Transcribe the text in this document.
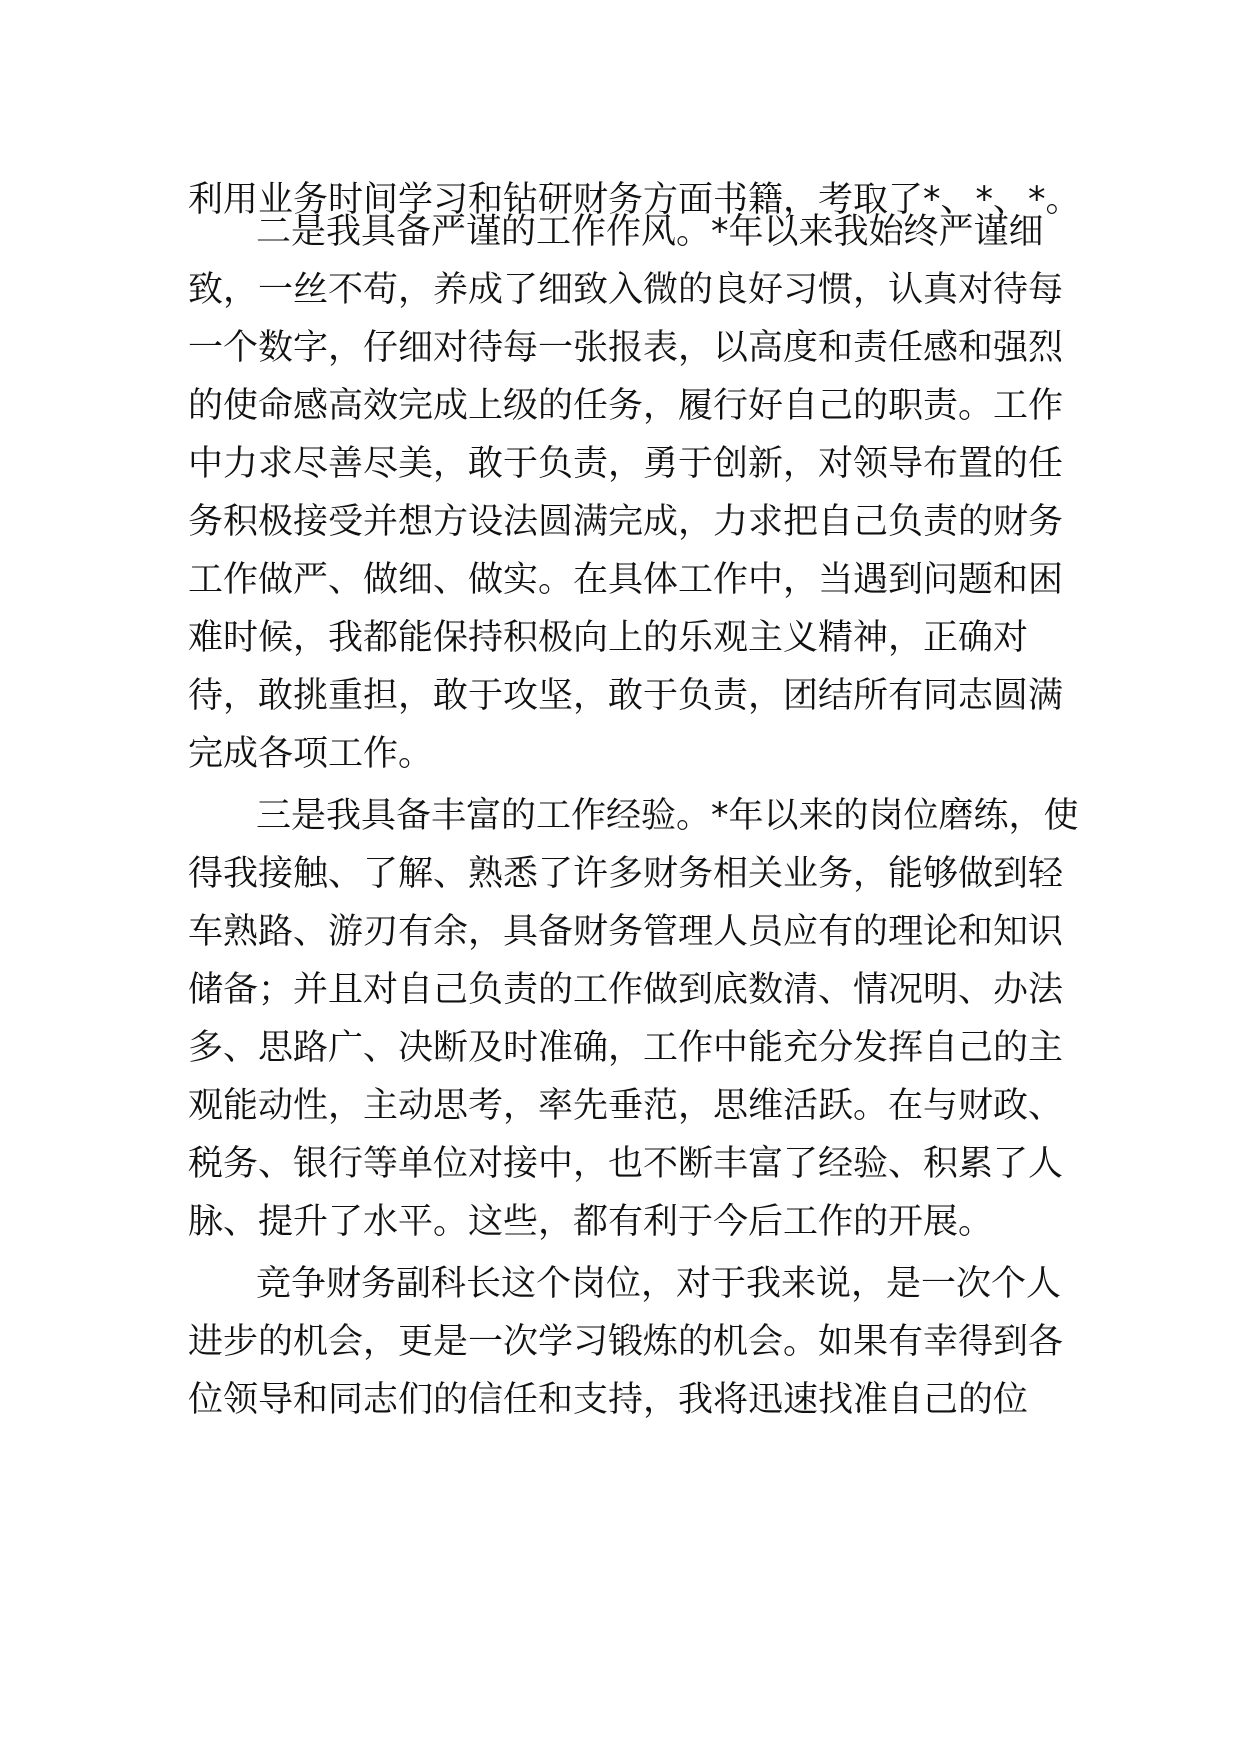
利用业务时间学习和钻研财务方面书籍，考取了*、*、*。
二是我具备严谨的工作作风。*年以来我始终严谨细
致，一丝不苟，养成了细致入微的良好习惯，认真对待每
一个数字，仔细对待每一张报表，以高度和责任感和强烈
的使命感高效完成上级的任务，履行好自己的职责。工作
中力求尽善尽美，敢于负责，勇于创新，对领导布置的任
务积极接受并想方设法圆满完成，力求把自己负责的财务
工作做严、做细、做实。在具体工作中，当遇到问题和困
难时候，我都能保持积极向上的乐观主义精神，正确对
待，敢挑重担，敢于攻坚，敢于负责，团结所有同志圆满
完成各项工作。
三是我具备丰富的工作经验。*年以来的岗位磨练，使
得我接触、了解、熟悉了许多财务相关业务，能够做到轻
车熟路、游刃有余，具备财务管理人员应有的理论和知识
储备；并且对自己负责的工作做到底数清、情况明、办法
多、思路广、决断及时准确，工作中能充分发挥自己的主
观能动性，主动思考，率先垂范，思维活跃。在与财政、
税务、银行等单位对接中，也不断丰富了经验、积累了人
脉、提升了水平。这些，都有利于今后工作的开展。
竞争财务副科长这个岗位，对于我来说，是一次个人
进步的机会，更是一次学习锻炼的机会。如果有幸得到各
位领导和同志们的信任和支持，我将迅速找准自己的位
